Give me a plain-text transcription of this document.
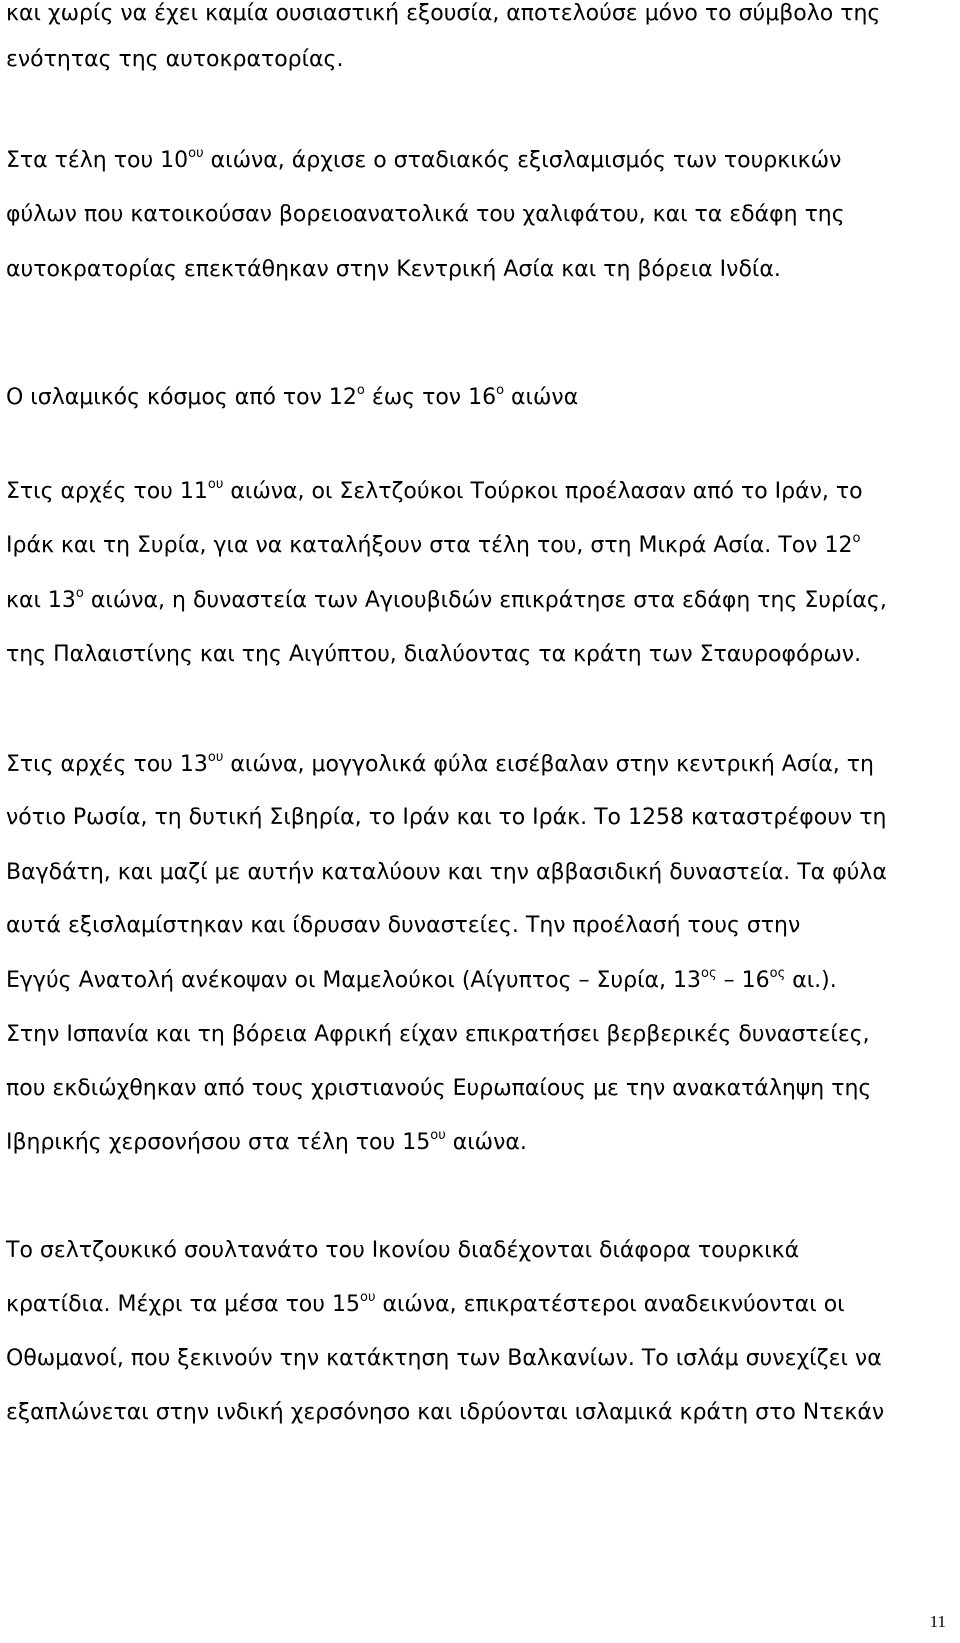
και χωρίς να έχει καμία ουσιαστική εξουσία, αποτελούσε μόνο το σύμβολο της
ενότητας της αυτοκρατορίας.
Στα τέλη του $10^{o\upsilon}$ αιώνα, άρχισε ο σταδιακός εξισλαμισμός των τουρκικών
φύλων που κατοικούσαν βορειοανατολικά του χαλιφάτου, και τα εδάφη της
αυτοκρατορίας επεκτάθηκαν στην Κεντρική Ασία και τη βόρεια Ινδία.
Ο ισλαμικός κόσμος από τον $12^o$ έως τον $16^o$ αιώνα
Στις αρχές του $11^{o\upsilon}$ αιώνα, οι Σελτζούκοι Τούρκοι προέλασαν από το Ιράν, το
Ιράκ και τη Συρία, για να καταλήξουν στα τέλη του, στη Μικρά Ασία. Τον $12^o$
και $13^o$ αιώνα, η δυναστεία των Αγιουβιδών επικράτησε στα εδάφη της Συρίας,
της Παλαιστίνης και της Αιγύπτου, διαλύοντας τα κράτη των Σταυροφόρων.
Στις αρχές του $13^{o\upsilon}$ αιώνα, μογγολικά φύλα εισέβαλαν στην κεντρική Ασία, τη
νότιο Ρωσία, τη δυτική Σιβηρία, το Ιράν και το Ιράκ. Το 1258 καταστρέφουν τη
Βαγδάτη, και μαζί με αυτήν καταλύουν και την αββασιδική δυναστεία. Τα φύλα
αυτά εξισλαμίστηκαν και ίδρυσαν δυναστείες. Την προέλασή τους στην
Εγγύς Ανατολή ανέκοψαν οι Μαμελούκοι (Αίγυπτος – Συρία, $13^{o\varsigma} - 16^{o\varsigma}$ αι.).
Στην Ισπανία και τη βόρεια Αφρική είχαν επικρατήσει βερβερικές δυναστείες,
που εκδιώχθηκαν από τους χριστιανούς Ευρωπαίους με την ανακατάληψη της
Ιβηρικής χερσονήσου στα τέλη του $15^{o\upsilon}$ αιώνα.
Το σελτζουκικό σουλτανάτο του Ικονίου διαδέχονται διάφορα τουρκικά
κρατίδια. Μέχρι τα μέσα του $15^{o\upsilon}$ αιώνα, επικρατέστεροι αναδεικνύονται οι
Οθωμανοί, που ξεκινούν την κατάκτηση των Βαλκανίων. Το ισλάμ συνεχίζει να
εξαπλώνεται στην ινδική χερσόνησο και ιδρύονται ισλαμικά κράτη στο Ντεκάν
11
